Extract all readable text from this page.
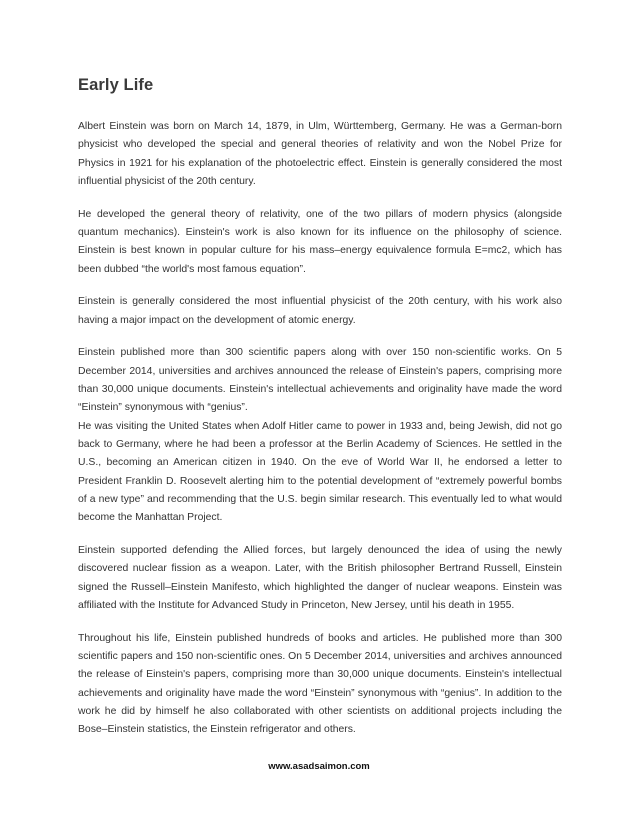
Early Life

Albert Einstein was born on March 14, 1879, in Ulm, Württemberg, Germany. He was a German-born physicist who developed the special and general theories of relativity and won the Nobel Prize for Physics in 1921 for his explanation of the photoelectric effect. Einstein is generally considered the most influential physicist of the 20th century.

He developed the general theory of relativity, one of the two pillars of modern physics (alongside quantum mechanics). Einstein's work is also known for its influence on the philosophy of science. Einstein is best known in popular culture for his mass–energy equivalence formula E=mc2, which has been dubbed “the world's most famous equation”.

Einstein is generally considered the most influential physicist of the 20th century, with his work also having a major impact on the development of atomic energy.

Einstein published more than 300 scientific papers along with over 150 non-scientific works. On 5 December 2014, universities and archives announced the release of Einstein's papers, comprising more than 30,000 unique documents. Einstein's intellectual achievements and originality have made the word “Einstein” synonymous with “genius”.

He was visiting the United States when Adolf Hitler came to power in 1933 and, being Jewish, did not go back to Germany, where he had been a professor at the Berlin Academy of Sciences. He settled in the U.S., becoming an American citizen in 1940. On the eve of World War II, he endorsed a letter to President Franklin D. Roosevelt alerting him to the potential development of “extremely powerful bombs of a new type” and recommending that the U.S. begin similar research. This eventually led to what would become the Manhattan Project.

Einstein supported defending the Allied forces, but largely denounced the idea of using the newly discovered nuclear fission as a weapon. Later, with the British philosopher Bertrand Russell, Einstein signed the Russell–Einstein Manifesto, which highlighted the danger of nuclear weapons. Einstein was affiliated with the Institute for Advanced Study in Princeton, New Jersey, until his death in 1955.

Throughout his life, Einstein published hundreds of books and articles. He published more than 300 scientific papers and 150 non-scientific ones. On 5 December 2014, universities and archives announced the release of Einstein's papers, comprising more than 30,000 unique documents. Einstein's intellectual achievements and originality have made the word “Einstein” synonymous with “genius”. In addition to the work he did by himself he also collaborated with other scientists on additional projects including the Bose–Einstein statistics, the Einstein refrigerator and others.

www.asadsaimon.com
